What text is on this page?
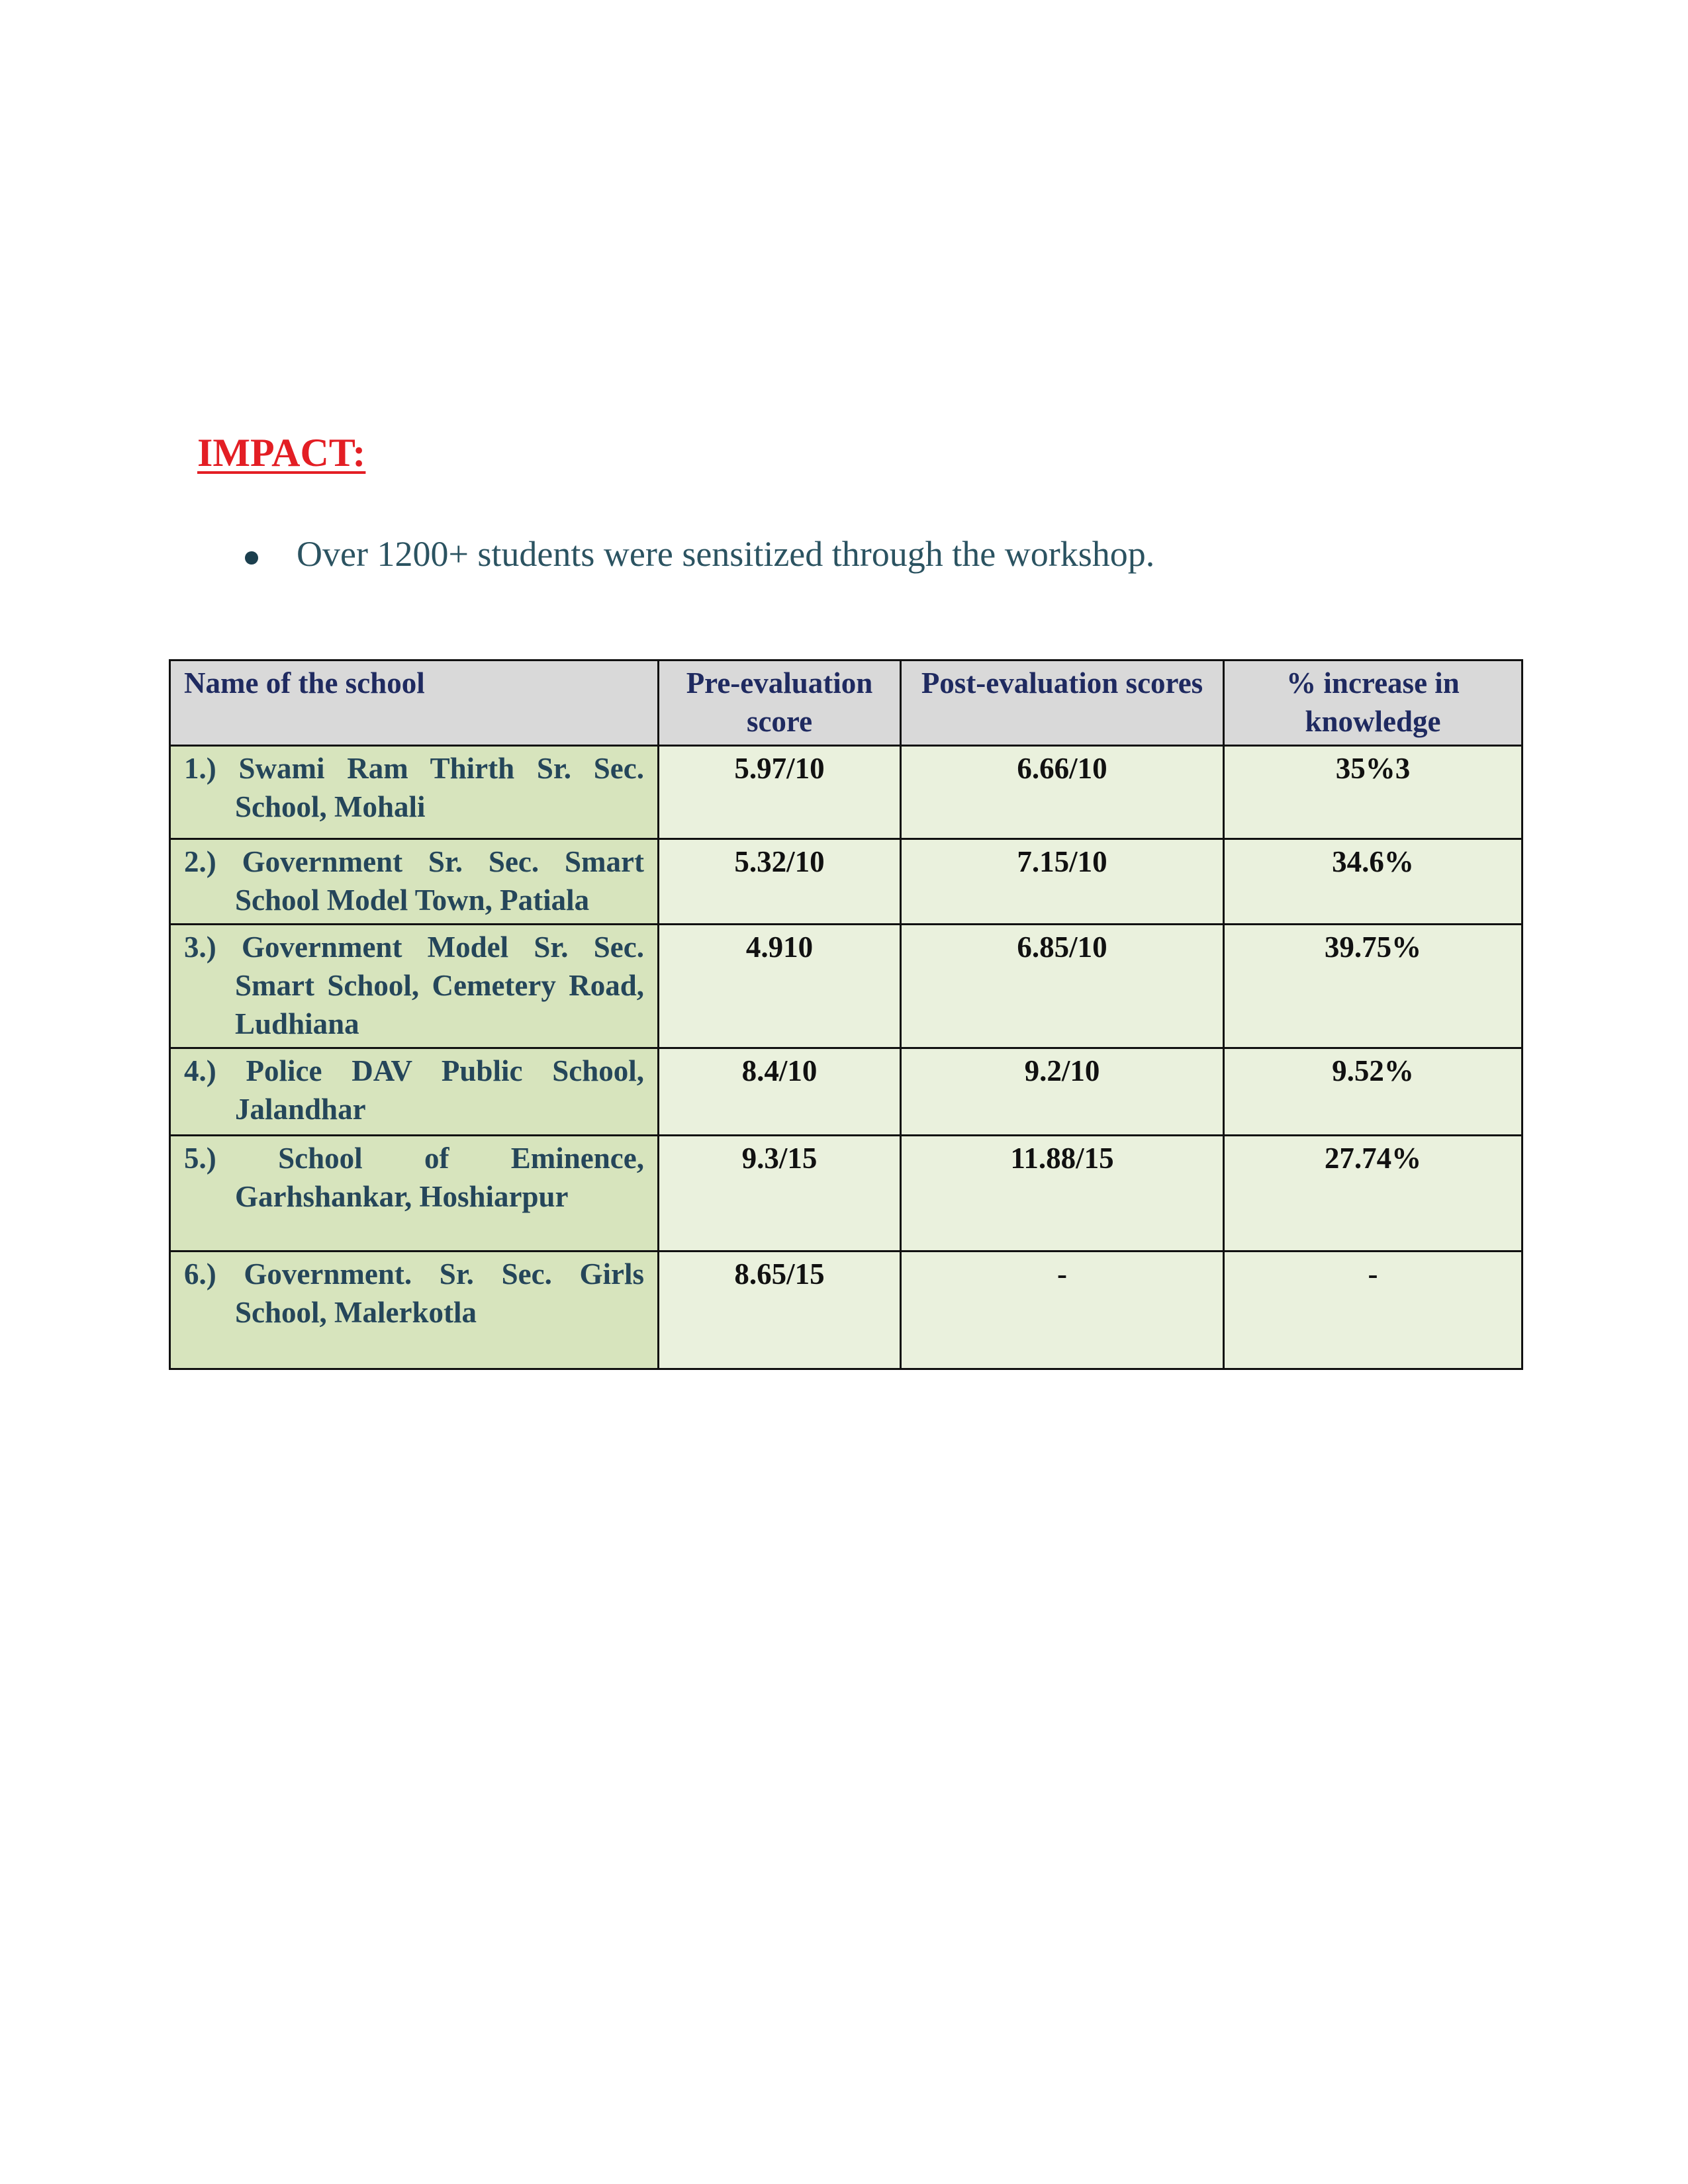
IMPACT:
Over 1200+ students were sensitized through the workshop.
Name of the school	Pre-evaluation score	Post-evaluation scores	% increase in knowledge

1.) Swami Ram Thirth Sr. Sec. School, Mohali	5.97/10	6.66/10	35%3

2.) Government Sr. Sec. Smart School Model Town, Patiala	5.32/10	7.15/10	34.6%

3.) Government Model Sr. Sec. Smart School, Cemetery Road, Ludhiana	4.910	6.85/10	39.75%

4.) Police DAV Public School, Jalandhar	8.4/10	9.2/10	9.52%

5.) School of Eminence, Garhshankar, Hoshiarpur	9.3/15	11.88/15	27.74%

6.) Government. Sr. Sec. Girls School, Malerkotla	8.65/15	-	-
